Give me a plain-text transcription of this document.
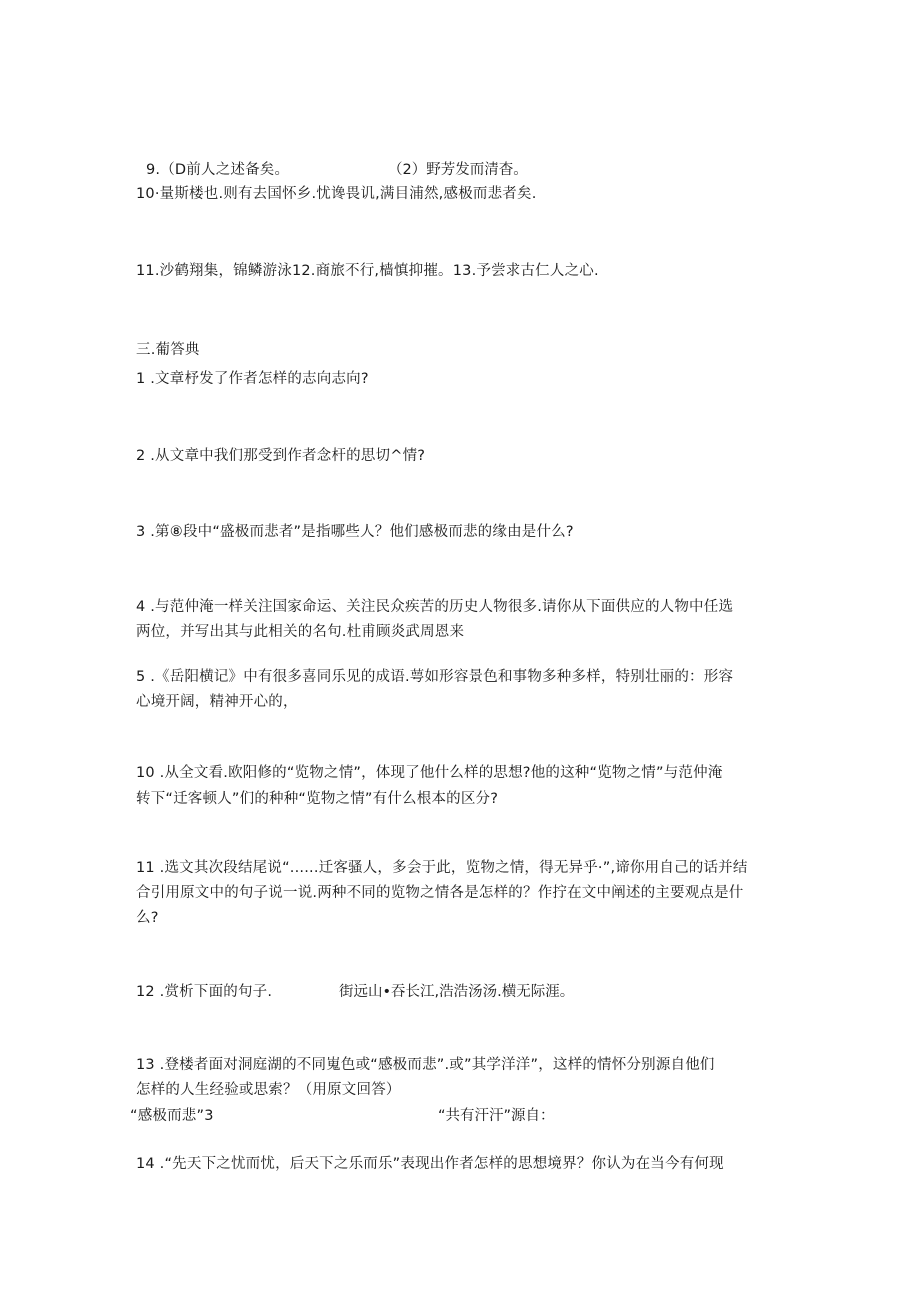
9.（D前人之述备矣。	（2）野芳发而清杳。
10·量斯楼也.则有去国怀乡.忧谗畏讥,满目浦然,感极而悲者矣.
11.沙鹤翔集，锦鳞游泳12.商旅不行,樯慎抑摧。13.予尝求古仁人之心.
三.葡答典
1 .文章杼发了作者怎样的志向志向?
2 .从文章中我们那受到作者念杆的思切^情?
3 .第⑧段中“盛极而悲者”是指哪些人？他们感极而悲的缘由是什么?
4 .与范仲淹一样关注国家命运、关注民众疾苦的历史人物很多.请你从下面供应的人物中任选
两位，并写出其与此相关的名句.杜甫顾炎武周恩来
5 .《岳阳横记》中有很多喜同乐见的成语.萼如形容景色和事物多种多样，特别壮丽的：形容
心境开阔，精神开心的，
10 .从全文看.欧阳修的“览物之情”，体现了他什么样的思想?他的这种“览物之情”与范仲淹
转下“迁客顿人”们的种种“览物之情”有什么根本的区分?
11 .选文其次段结尾说“......迁客骚人，多会于此，览物之情，得无异乎·”,谛你用自己的话并结
合引用原文中的句子说一说.两种不同的览物之情各是怎样的？作拧在文中阐述的主要观点是什
么?
12 .赏析下面的句子.	街远山•吞长江,浩浩汤汤.横无际涯。
13 .登楼者面对洞庭湖的不同嵬色或“感极而悲”.或”其学洋洋”，这样的情怀分别源自他们
怎样的人生经验或思索？（用原文回答）
“感极而悲”3	“共有汗汗”源自：
14 .“先天下之忧而忧，后天下之乐而乐”表现出作者怎样的思想境界？你认为在当今有何现
